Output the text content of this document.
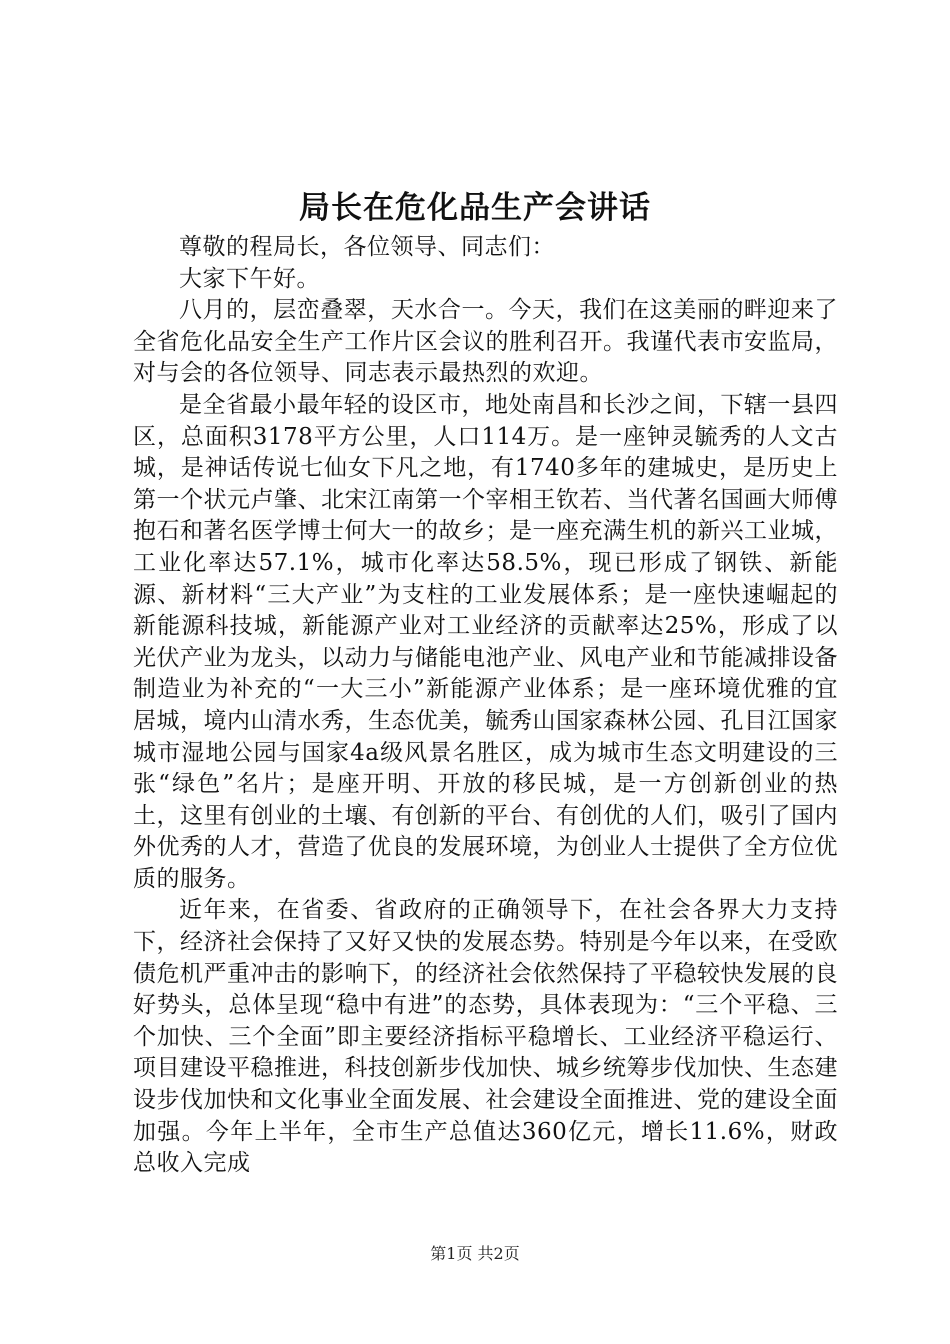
局长在危化品生产会讲话

尊敬的程局长，各位领导、同志们：

大家下午好。

八月的，层峦叠翠，天水合一。今天，我们在这美丽的畔迎来了全省危化品安全生产工作片区会议的胜利召开。我谨代表市安监局，对与会的各位领导、同志表示最热烈的欢迎。

是全省最小最年轻的设区市，地处南昌和长沙之间，下辖一县四区，总面积3178平方公里，人口114万。是一座钟灵毓秀的人文古城，是神话传说七仙女下凡之地，有1740多年的建城史，是历史上第一个状元卢肇、北宋江南第一个宰相王钦若、当代著名国画大师傅抱石和著名医学博士何大一的故乡；是一座充满生机的新兴工业城，工业化率达57.1%，城市化率达58.5%，现已形成了钢铁、新能源、新材料“三大产业”为支柱的工业发展体系；是一座快速崛起的新能源科技城，新能源产业对工业经济的贡献率达25%，形成了以光伏产业为龙头，以动力与储能电池产业、风电产业和节能减排设备制造业为补充的“一大三小”新能源产业体系；是一座环境优雅的宜居城，境内山清水秀，生态优美，毓秀山国家森林公园、孔目江国家城市湿地公园与国家4a级风景名胜区，成为城市生态文明建设的三张“绿色”名片；是座开明、开放的移民城，是一方创新创业的热土，这里有创业的土壤、有创新的平台、有创优的人们，吸引了国内外优秀的人才，营造了优良的发展环境，为创业人士提供了全方位优质的服务。

近年来，在省委、省政府的正确领导下，在社会各界大力支持下，经济社会保持了又好又快的发展态势。特别是今年以来，在受欧债危机严重冲击的影响下，的经济社会依然保持了平稳较快发展的良好势头，总体呈现“稳中有进”的态势，具体表现为：“三个平稳、三个加快、三个全面”即主要经济指标平稳增长、工业经济平稳运行、项目建设平稳推进，科技创新步伐加快、城乡统筹步伐加快、生态建设步伐加快和文化事业全面发展、社会建设全面推进、党的建设全面加强。今年上半年，全市生产总值达360亿元，增长11.6%，财政总收入完成

第1页 共2页
